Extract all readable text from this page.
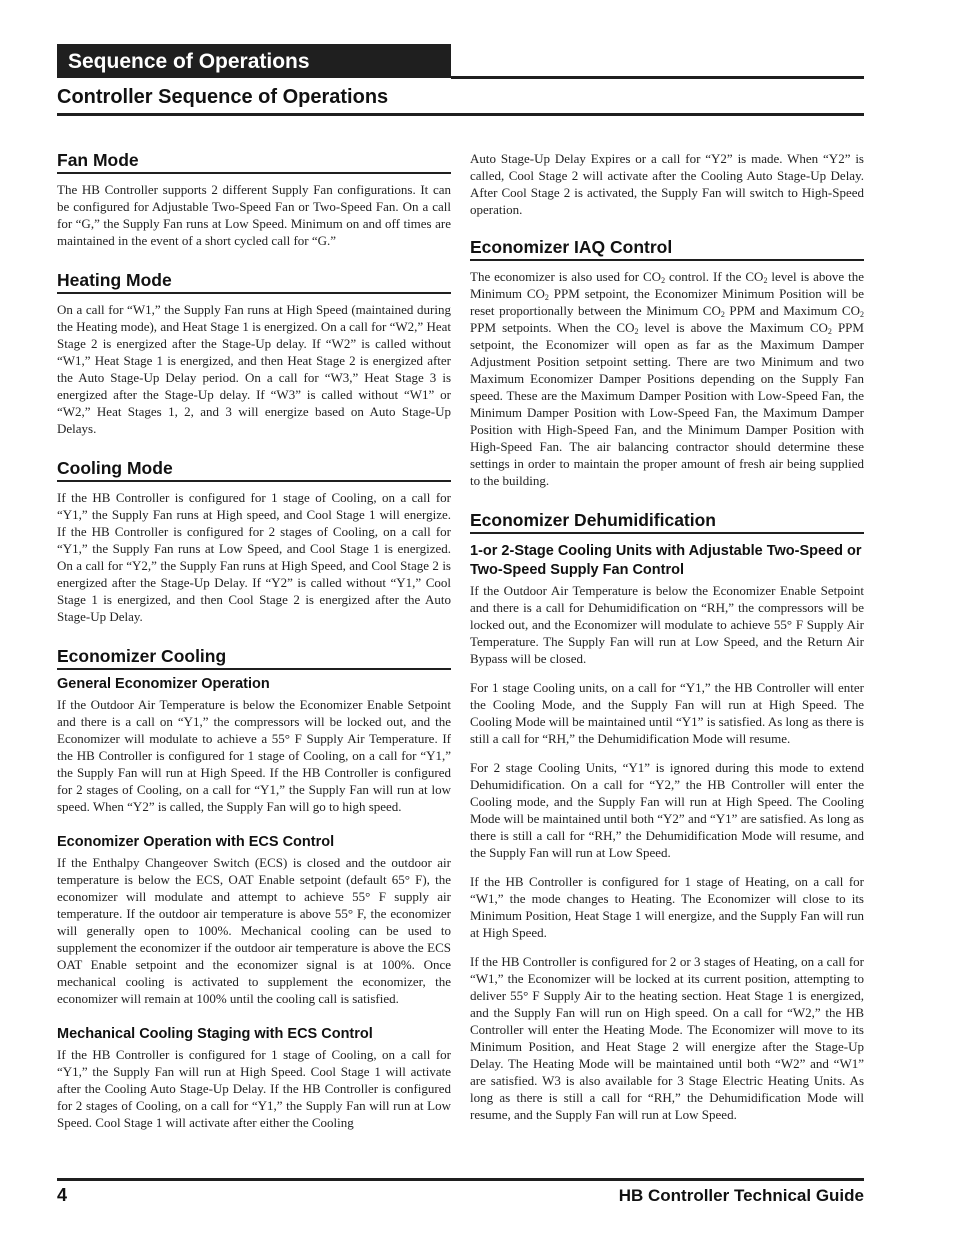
Sequence of Operations
Controller Sequence of Operations
Fan Mode

The HB Controller supports 2 different Supply Fan configurations. It can be configured for Adjustable Two-Speed Fan or Two-Speed Fan. On a call for “G,” the Supply Fan runs at Low Speed. Minimum on and off times are maintained in the event of a short cycled call for “G.”

Heating Mode

On a call for “W1,” the Supply Fan runs at High Speed (maintained during the Heating mode), and Heat Stage 1 is energized. On a call for “W2,” Heat Stage 2 is energized after the Stage-Up delay. If “W2” is called without “W1,” Heat Stage 1 is energized, and then Heat Stage 2 is energized after the Auto Stage-Up Delay period. On a call for “W3,” Heat Stage 3 is energized after the Stage-Up delay. If “W3” is called without “W1” or “W2,” Heat Stages 1, 2, and 3 will energize based on Auto Stage-Up Delays.

Cooling Mode

If the HB Controller is configured for 1 stage of Cooling, on a call for “Y1,” the Supply Fan runs at High speed, and Cool Stage 1 will energize. If the HB Controller is configured for 2 stages of Cooling, on a call for “Y1,” the Supply Fan runs at Low Speed, and Cool Stage 1 is energized. On a call for “Y2,” the Supply Fan runs at High Speed, and Cool Stage 2 is energized after the Stage-Up Delay. If “Y2” is called without “Y1,” Cool Stage 1 is energized, and then Cool Stage 2 is energized after the Auto Stage-Up Delay.

Economizer Cooling
General Economizer Operation

If the Outdoor Air Temperature is below the Economizer Enable Setpoint and there is a call on “Y1,” the compressors will be locked out, and the Economizer will modulate to achieve a 55° F Supply Air Temperature. If the HB Controller is configured for 1 stage of Cooling, on a call for “Y1,” the Supply Fan will run at High Speed. If the HB Controller is configured for 2 stages of Cooling, on a call for “Y1,” the Supply Fan will run at low speed. When “Y2” is called, the Supply Fan will go to high speed.

Economizer Operation with ECS Control

If the Enthalpy Changeover Switch (ECS) is closed and the outdoor air temperature is below the ECS, OAT Enable setpoint (default 65° F), the economizer will modulate and attempt to achieve 55° F supply air temperature. If the outdoor air temperature is above 55° F, the economizer will generally open to 100%. Mechanical cooling can be used to supplement the economizer if the outdoor air temperature is above the ECS OAT Enable setpoint and the economizer signal is at 100%. Once mechanical cooling is activated to supplement the economizer, the economizer will remain at 100% until the cooling call is satisfied.

Mechanical Cooling Staging with ECS Control

If the HB Controller is configured for 1 stage of Cooling, on a call for “Y1,” the Supply Fan will run at High Speed. Cool Stage 1 will activate after the Cooling Auto Stage-Up Delay. If the HB Controller is configured for 2 stages of Cooling, on a call for “Y1,” the Supply Fan will run at Low Speed. Cool Stage 1 will activate after either the Cooling

Auto Stage-Up Delay Expires or a call for “Y2” is made. When “Y2” is called, Cool Stage 2 will activate after the Cooling Auto Stage-Up Delay. After Cool Stage 2 is activated, the Supply Fan will switch to High-Speed operation.

Economizer IAQ Control

The economizer is also used for $CO_2$ control. If the $CO_2$ level is above the Minimum $CO_2$ PPM setpoint, the Economizer Minimum Position will be reset proportionally between the Minimum $CO_2$ PPM and Maximum $CO_2$ PPM setpoints. When the $CO_2$ level is above the Maximum $CO_2$ PPM setpoint, the Economizer will open as far as the Maximum Damper Adjustment Position setpoint setting. There are two Minimum and two Maximum Economizer Damper Positions depending on the Supply Fan speed. These are the Maximum Damper Position with Low-Speed Fan, the Minimum Damper Position with Low-Speed Fan, the Maximum Damper Position with High-Speed Fan, and the Minimum Damper Position with High-Speed Fan. The air balancing contractor should determine these settings in order to maintain the proper amount of fresh air being supplied to the building.

Economizer Dehumidification
1-or 2-Stage Cooling Units with Adjustable Two-Speed or Two-Speed Supply Fan Control

If the Outdoor Air Temperature is below the Economizer Enable Setpoint and there is a call for Dehumidification on “RH,” the compressors will be locked out, and the Economizer will modulate to achieve 55° F Supply Air Temperature. The Supply Fan will run at Low Speed, and the Return Air Bypass will be closed.

For 1 stage Cooling units, on a call for “Y1,” the HB Controller will enter the Cooling Mode, and the Supply Fan will run at High Speed. The Cooling Mode will be maintained until “Y1” is satisfied. As long as there is still a call for “RH,” the Dehumidification Mode will resume.

For 2 stage Cooling Units, “Y1” is ignored during this mode to extend Dehumidification. On a call for “Y2,” the HB Controller will enter the Cooling mode, and the Supply Fan will run at High Speed. The Cooling Mode will be maintained until both “Y2” and “Y1” are satisfied. As long as there is still a call for “RH,” the Dehumidification Mode will resume, and the Supply Fan will run at Low Speed.

If the HB Controller is configured for 1 stage of Heating, on a call for “W1,” the mode changes to Heating. The Economizer will close to its Minimum Position, Heat Stage 1 will energize, and the Supply Fan will run at High Speed.

If the HB Controller is configured for 2 or 3 stages of Heating, on a call for “W1,” the Economizer will be locked at its current position, attempting to deliver 55° F Supply Air to the heating section. Heat Stage 1 is energized, and the Supply Fan will run on High speed. On a call for “W2,” the HB Controller will enter the Heating Mode. The Economizer will move to its Minimum Position, and Heat Stage 2 will energize after the Stage-Up Delay. The Heating Mode will be maintained until both “W2” and “W1” are satisfied. W3 is also available for 3 Stage Electric Heating Units. As long as there is still a call for “RH,” the Dehumidification Mode will resume, and the Supply Fan will run at Low Speed.

4	HB Controller Technical Guide
